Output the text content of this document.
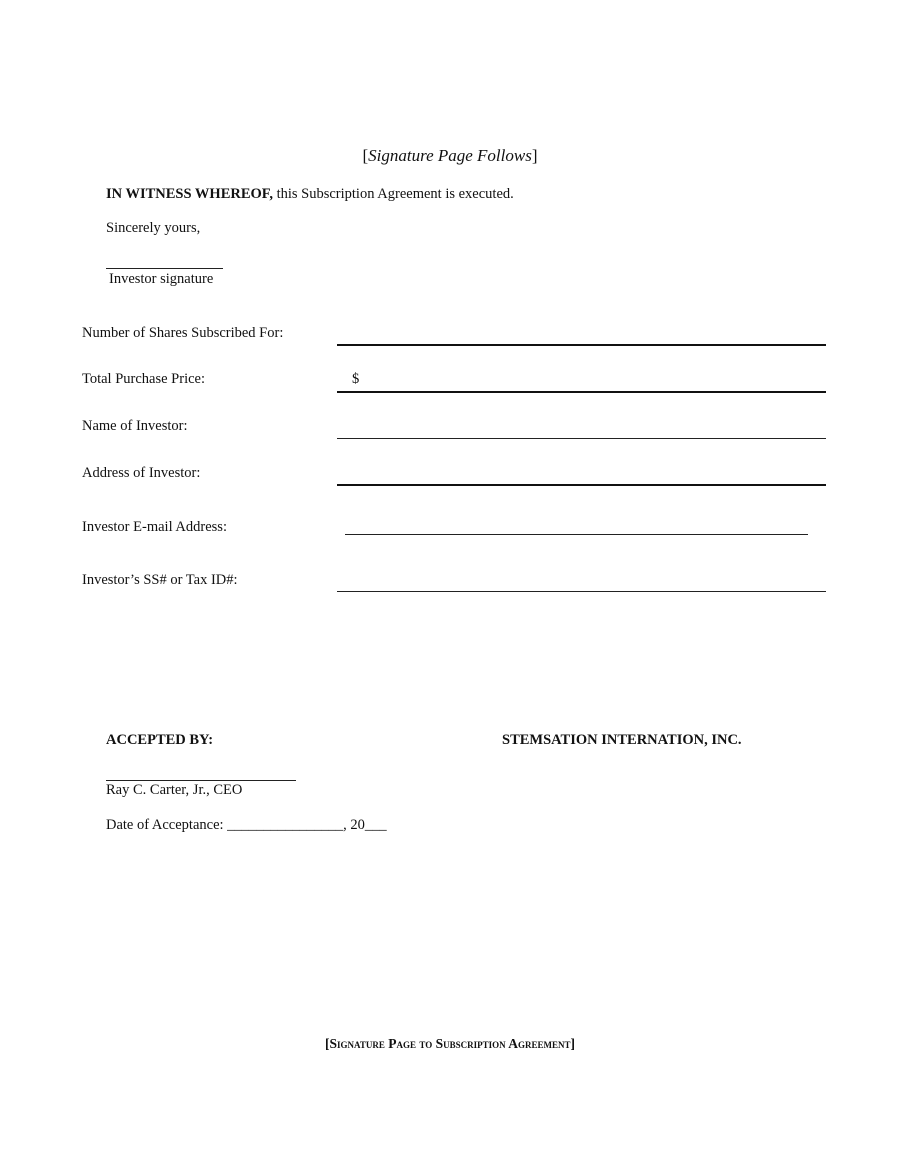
[Signature Page Follows]
IN WITNESS WHEREOF, this Subscription Agreement is executed.
Sincerely yours,
Investor signature
Number of Shares Subscribed For:
Total Purchase Price:	$
Name of Investor:
Address of Investor:
Investor E-mail Address:
Investor’s SS# or Tax ID#:
ACCEPTED BY:	STEMSATION INTERNATION, INC.
Ray C. Carter, Jr., CEO
Date of Acceptance: ________________, 20___
[Signature Page to Subscription Agreement]
